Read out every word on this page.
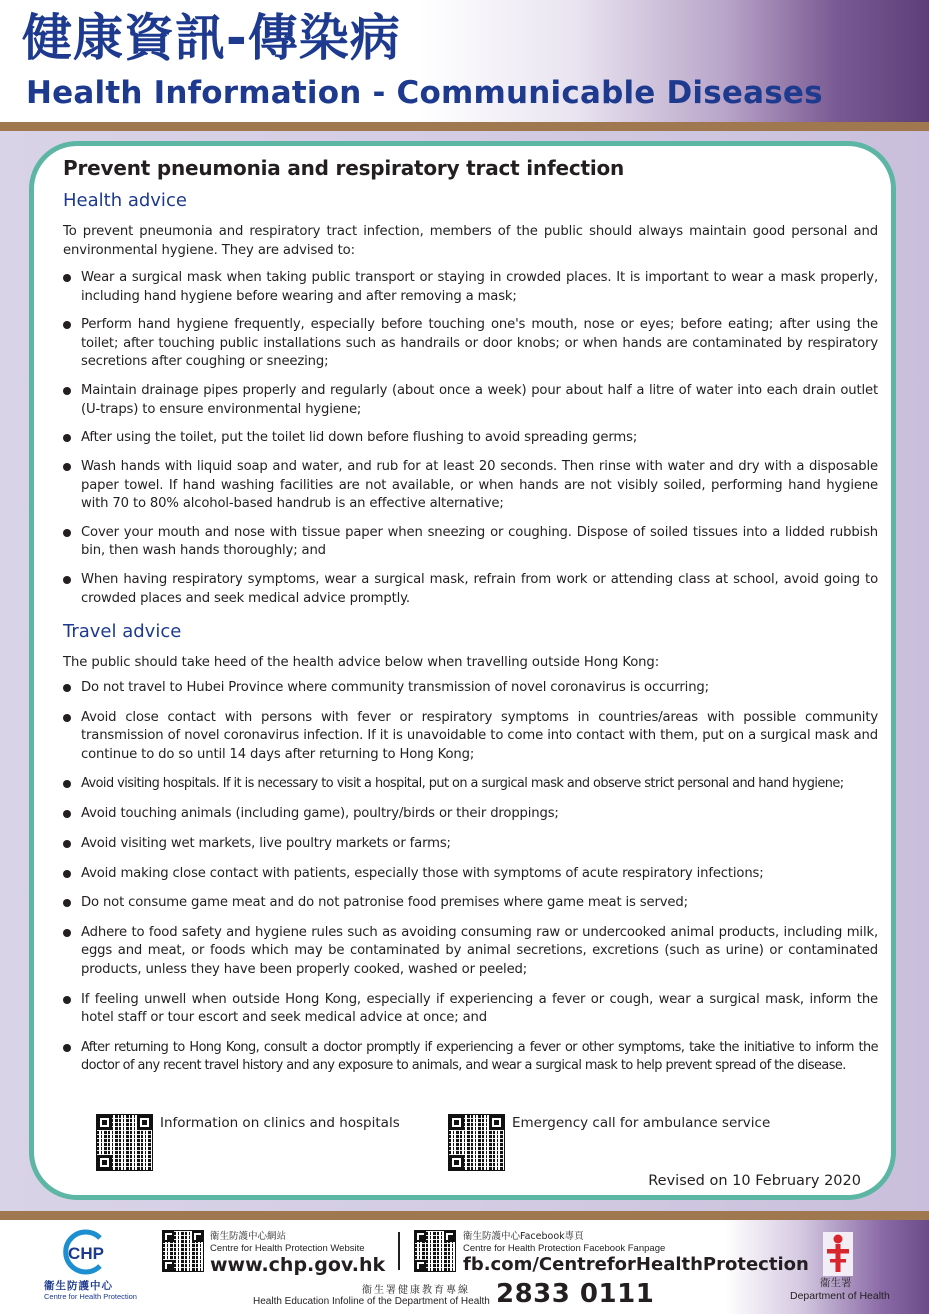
健康資訊-傳染病
Health Information - Communicable Diseases
Prevent pneumonia and respiratory tract infection
Health advice

To prevent pneumonia and respiratory tract infection, members of the public should always maintain good personal and environmental hygiene. They are advised to:

Wear a surgical mask when taking public transport or staying in crowded places. It is important to wear a mask properly, including hand hygiene before wearing and after removing a mask;
Perform hand hygiene frequently, especially before touching one's mouth, nose or eyes; before eating; after using the toilet; after touching public installations such as handrails or door knobs; or when hands are contaminated by respiratory secretions after coughing or sneezing;
Maintain drainage pipes properly and regularly (about once a week) pour about half a litre of water into each drain outlet (U-traps) to ensure environmental hygiene;
After using the toilet, put the toilet lid down before flushing to avoid spreading germs;
Wash hands with liquid soap and water, and rub for at least 20 seconds. Then rinse with water and dry with a disposable paper towel. If hand washing facilities are not available, or when hands are not visibly soiled, performing hand hygiene with 70 to 80% alcohol-based handrub is an effective alternative;
Cover your mouth and nose with tissue paper when sneezing or coughing. Dispose of soiled tissues into a lidded rubbish bin, then wash hands thoroughly; and
When having respiratory symptoms, wear a surgical mask, refrain from work or attending class at school, avoid going to crowded places and seek medical advice promptly.
Travel advice

The public should take heed of the health advice below when travelling outside Hong Kong:

Do not travel to Hubei Province where community transmission of novel coronavirus is occurring;
Avoid close contact with persons with fever or respiratory symptoms in countries/areas with possible community transmission of novel coronavirus infection. If it is unavoidable to come into contact with them, put on a surgical mask and continue to do so until 14 days after returning to Hong Kong;
Avoid visiting hospitals. If it is necessary to visit a hospital, put on a surgical mask and observe strict personal and hand hygiene;
Avoid touching animals (including game), poultry/birds or their droppings;
Avoid visiting wet markets, live poultry markets or farms;
Avoid making close contact with patients, especially those with symptoms of acute respiratory infections;
Do not consume game meat and do not patronise food premises where game meat is served;
Adhere to food safety and hygiene rules such as avoiding consuming raw or undercooked animal products, including milk, eggs and meat, or foods which may be contaminated by animal secretions, excretions (such as urine) or contaminated products, unless they have been properly cooked, washed or peeled;
If feeling unwell when outside Hong Kong, especially if experiencing a fever or cough, wear a surgical mask, inform the hotel staff or tour escort and seek medical advice at once; and
After returning to Hong Kong, consult a doctor promptly if experiencing a fever or other symptoms, take the initiative to inform the doctor of any recent travel history and any exposure to animals, and wear a surgical mask to help prevent spread of the disease.
Information on clinics and hospitals	Emergency call for ambulance service
Revised on 10 February 2020
CHP
衞生防護中心
Centre for Health Protection
衞生防護中心網站
Centre for Health Protection Website
www.chp.gov.hk
衞生防護中心Facebook專頁
Centre for Health Protection Facebook Fanpage
fb.com/CentreforHealthProtection
衞生署健康教育專線
Health Education Infoline of the Department of Health 2833 0111	衞生署
Department of Health
